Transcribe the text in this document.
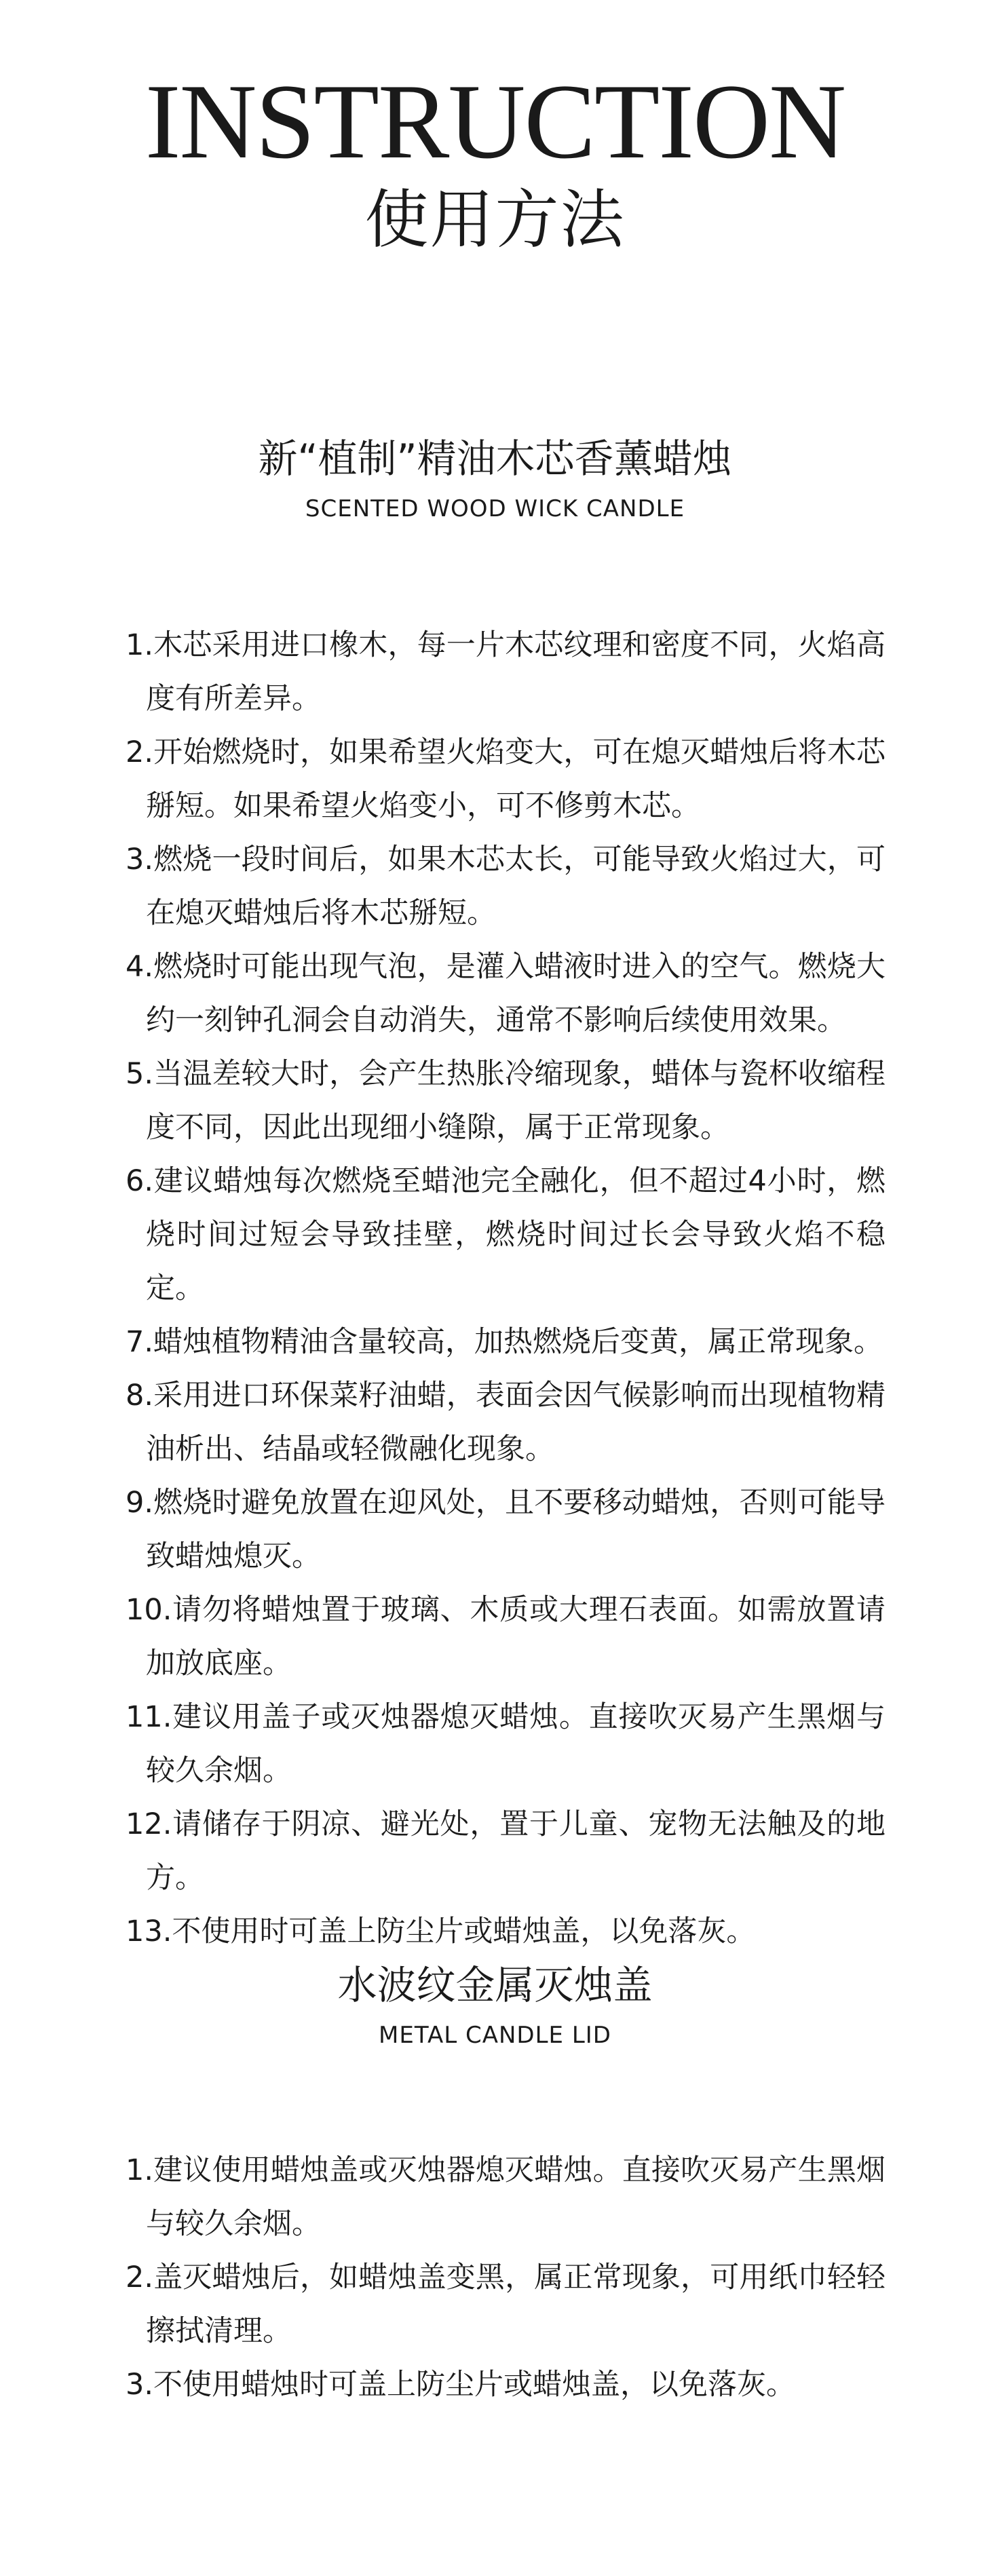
INSTRUCTION
使用方法
新“植制”精油木芯香薰蜡烛
SCENTED WOOD WICK CANDLE
1.木芯采用进口橡木，每一片木芯纹理和密度不同，火焰高度有所差异。
2.开始燃烧时，如果希望火焰变大，可在熄灭蜡烛后将木芯掰短。如果希望火焰变小，可不修剪木芯。
3.燃烧一段时间后，如果木芯太长，可能导致火焰过大，可在熄灭蜡烛后将木芯掰短。
4.燃烧时可能出现气泡，是灌入蜡液时进入的空气。燃烧大约一刻钟孔洞会自动消失，通常不影响后续使用效果。
5.当温差较大时，会产生热胀冷缩现象，蜡体与瓷杯收缩程度不同，因此出现细小缝隙，属于正常现象。
6.建议蜡烛每次燃烧至蜡池完全融化，但不超过4小时，燃烧时间过短会导致挂壁，燃烧时间过长会导致火焰不稳定。
7.蜡烛植物精油含量较高，加热燃烧后变黄，属正常现象。
8.采用进口环保菜籽油蜡，表面会因气候影响而出现植物精油析出、结晶或轻微融化现象。
9.燃烧时避免放置在迎风处，且不要移动蜡烛，否则可能导致蜡烛熄灭。
10.请勿将蜡烛置于玻璃、木质或大理石表面。如需放置请加放底座。
11.建议用盖子或灭烛器熄灭蜡烛。直接吹灭易产生黑烟与较久余烟。
12.请储存于阴凉、避光处，置于儿童、宠物无法触及的地方。
13.不使用时可盖上防尘片或蜡烛盖，以免落灰。
水波纹金属灭烛盖
METAL CANDLE LID
1.建议使用蜡烛盖或灭烛器熄灭蜡烛。直接吹灭易产生黑烟与较久余烟。
2.盖灭蜡烛后，如蜡烛盖变黑，属正常现象，可用纸巾轻轻擦拭清理。
3.不使用蜡烛时可盖上防尘片或蜡烛盖，以免落灰。
